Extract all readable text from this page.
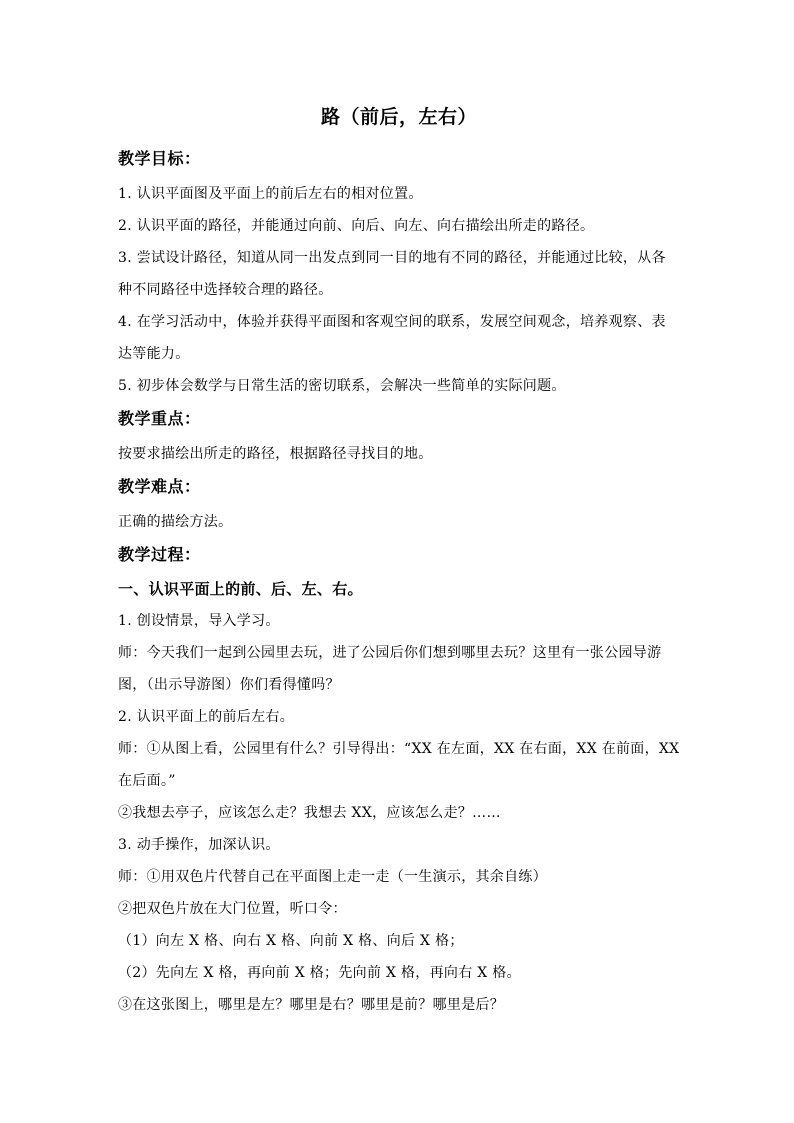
路（前后，左右）
教学目标：
1. 认识平面图及平面上的前后左右的相对位置。
2. 认识平面的路径，并能通过向前、向后、向左、向右描绘出所走的路径。
3. 尝试设计路径，知道从同一出发点到同一目的地有不同的路径，并能通过比较，从各种不同路径中选择较合理的路径。
4. 在学习活动中，体验并获得平面图和客观空间的联系，发展空间观念，培养观察、表达等能力。
5. 初步体会数学与日常生活的密切联系，会解决一些简单的实际问题。
教学重点：
按要求描绘出所走的路径，根据路径寻找目的地。
教学难点：
正确的描绘方法。
教学过程：
一、认识平面上的前、后、左、右。
1. 创设情景，导入学习。
师：今天我们一起到公园里去玩，进了公园后你们想到哪里去玩？这里有一张公园导游图，（出示导游图）你们看得懂吗？
2. 认识平面上的前后左右。
师：①从图上看，公园里有什么？引导得出：“XX 在左面，XX 在右面，XX 在前面，XX 在后面。”
②我想去亭子，应该怎么走？我想去 XX，应该怎么走？……
3. 动手操作，加深认识。
师：①用双色片代替自己在平面图上走一走（一生演示，其余自练）
②把双色片放在大门位置，听口令：
（1）向左 X 格、向右 X 格、向前 X 格、向后 X 格；
（2）先向左 X 格，再向前 X 格；先向前 X 格，再向右 X 格。
③在这张图上，哪里是左？哪里是右？哪里是前？哪里是后？
